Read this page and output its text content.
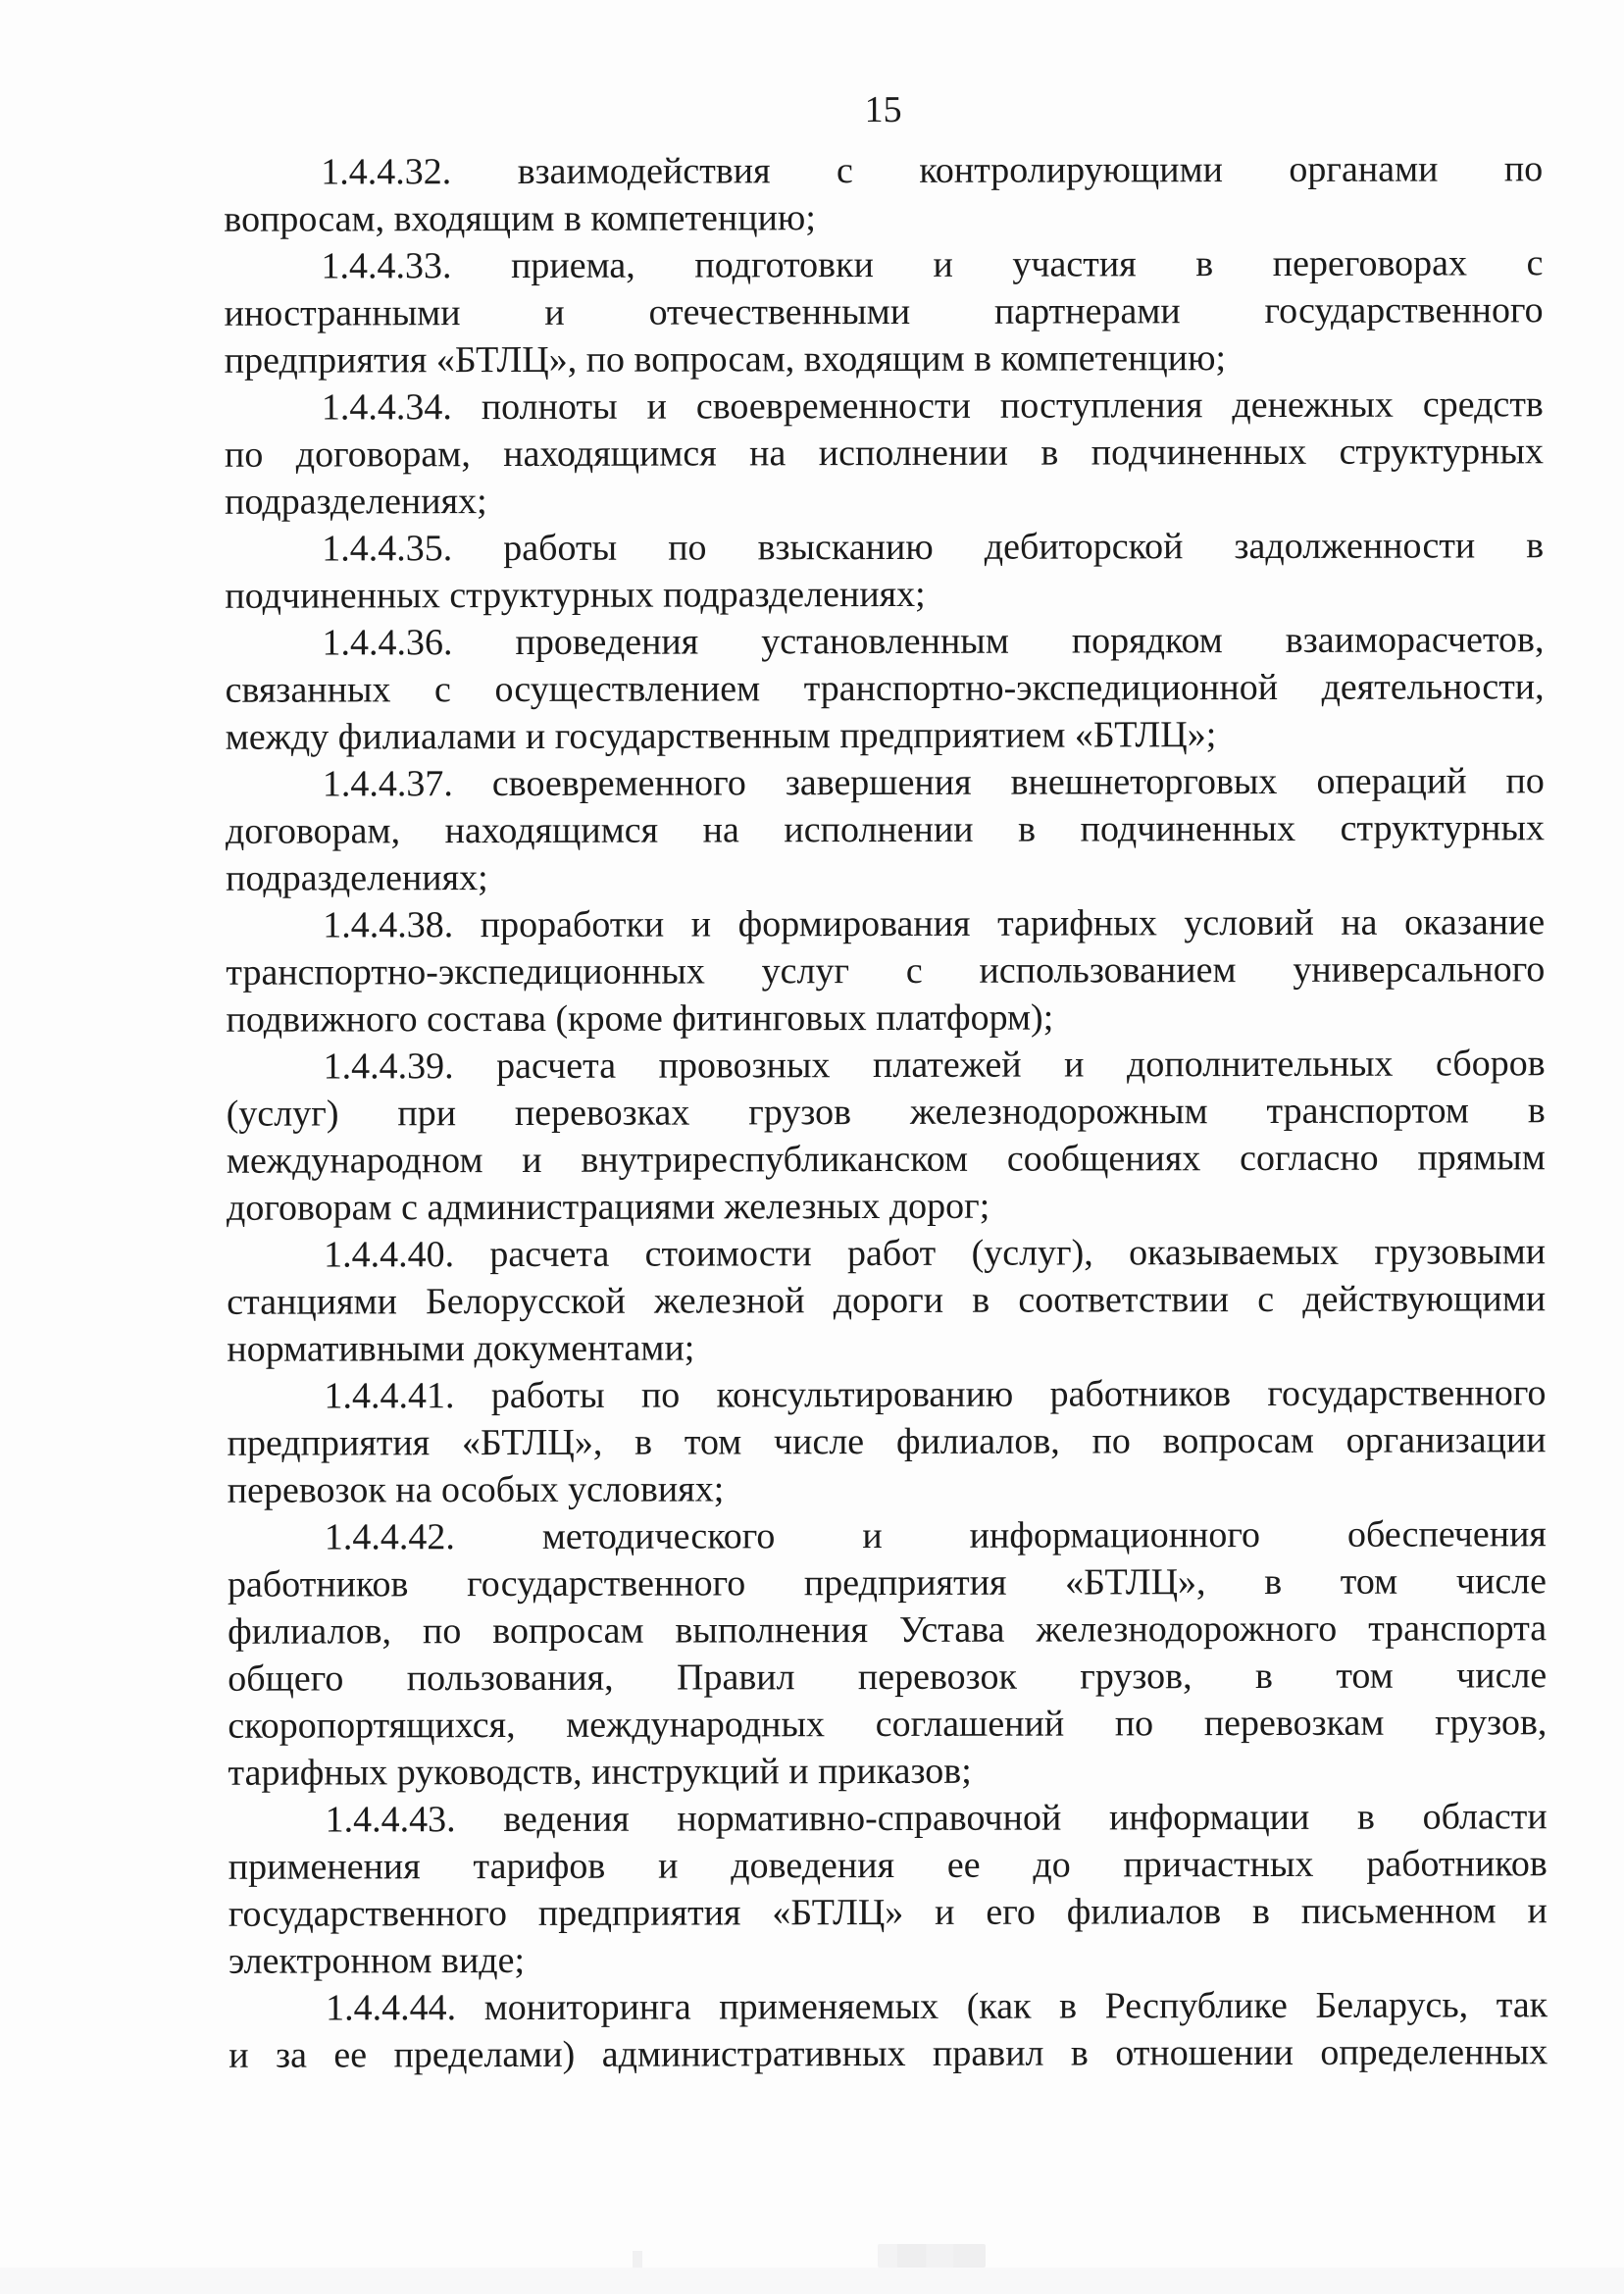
15
1.4.4.32. взаимодействия с контролирующими органами по
вопросам, входящим в компетенцию;
1.4.4.33. приема, подготовки и участия в переговорах с
иностранными и отечественными партнерами государственного
предприятия «БТЛЦ», по вопросам, входящим в компетенцию;
1.4.4.34. полноты и своевременности поступления денежных средств
по договорам, находящимся на исполнении в подчиненных структурных
подразделениях;
1.4.4.35. работы по взысканию дебиторской задолженности в
подчиненных структурных подразделениях;
1.4.4.36. проведения установленным порядком взаиморасчетов,
связанных с осуществлением транспортно-экспедиционной деятельности,
между филиалами и государственным предприятием «БТЛЦ»;
1.4.4.37. своевременного завершения внешнеторговых операций по
договорам, находящимся на исполнении в подчиненных структурных
подразделениях;
1.4.4.38. проработки и формирования тарифных условий на оказание
транспортно-экспедиционных услуг с использованием универсального
подвижного состава (кроме фитинговых платформ);
1.4.4.39. расчета провозных платежей и дополнительных сборов
(услуг) при перевозках грузов железнодорожным транспортом в
международном и внутриреспубликанском сообщениях согласно прямым
договорам с администрациями железных дорог;
1.4.4.40. расчета стоимости работ (услуг), оказываемых грузовыми
станциями Белорусской железной дороги в соответствии с действующими
нормативными документами;
1.4.4.41. работы по консультированию работников государственного
предприятия «БТЛЦ», в том числе филиалов, по вопросам организации
перевозок на особых условиях;
1.4.4.42. методического и информационного обеспечения
работников государственного предприятия «БТЛЦ», в том числе
филиалов, по вопросам выполнения Устава железнодорожного транспорта
общего пользования, Правил перевозок грузов, в том числе
скоропортящихся, международных соглашений по перевозкам грузов,
тарифных руководств, инструкций и приказов;
1.4.4.43. ведения нормативно-справочной информации в области
применения тарифов и доведения ее до причастных работников
государственного предприятия «БТЛЦ» и его филиалов в письменном и
электронном виде;
1.4.4.44. мониторинга применяемых (как в Республике Беларусь, так
и за ее пределами) административных правил в отношении определенных
